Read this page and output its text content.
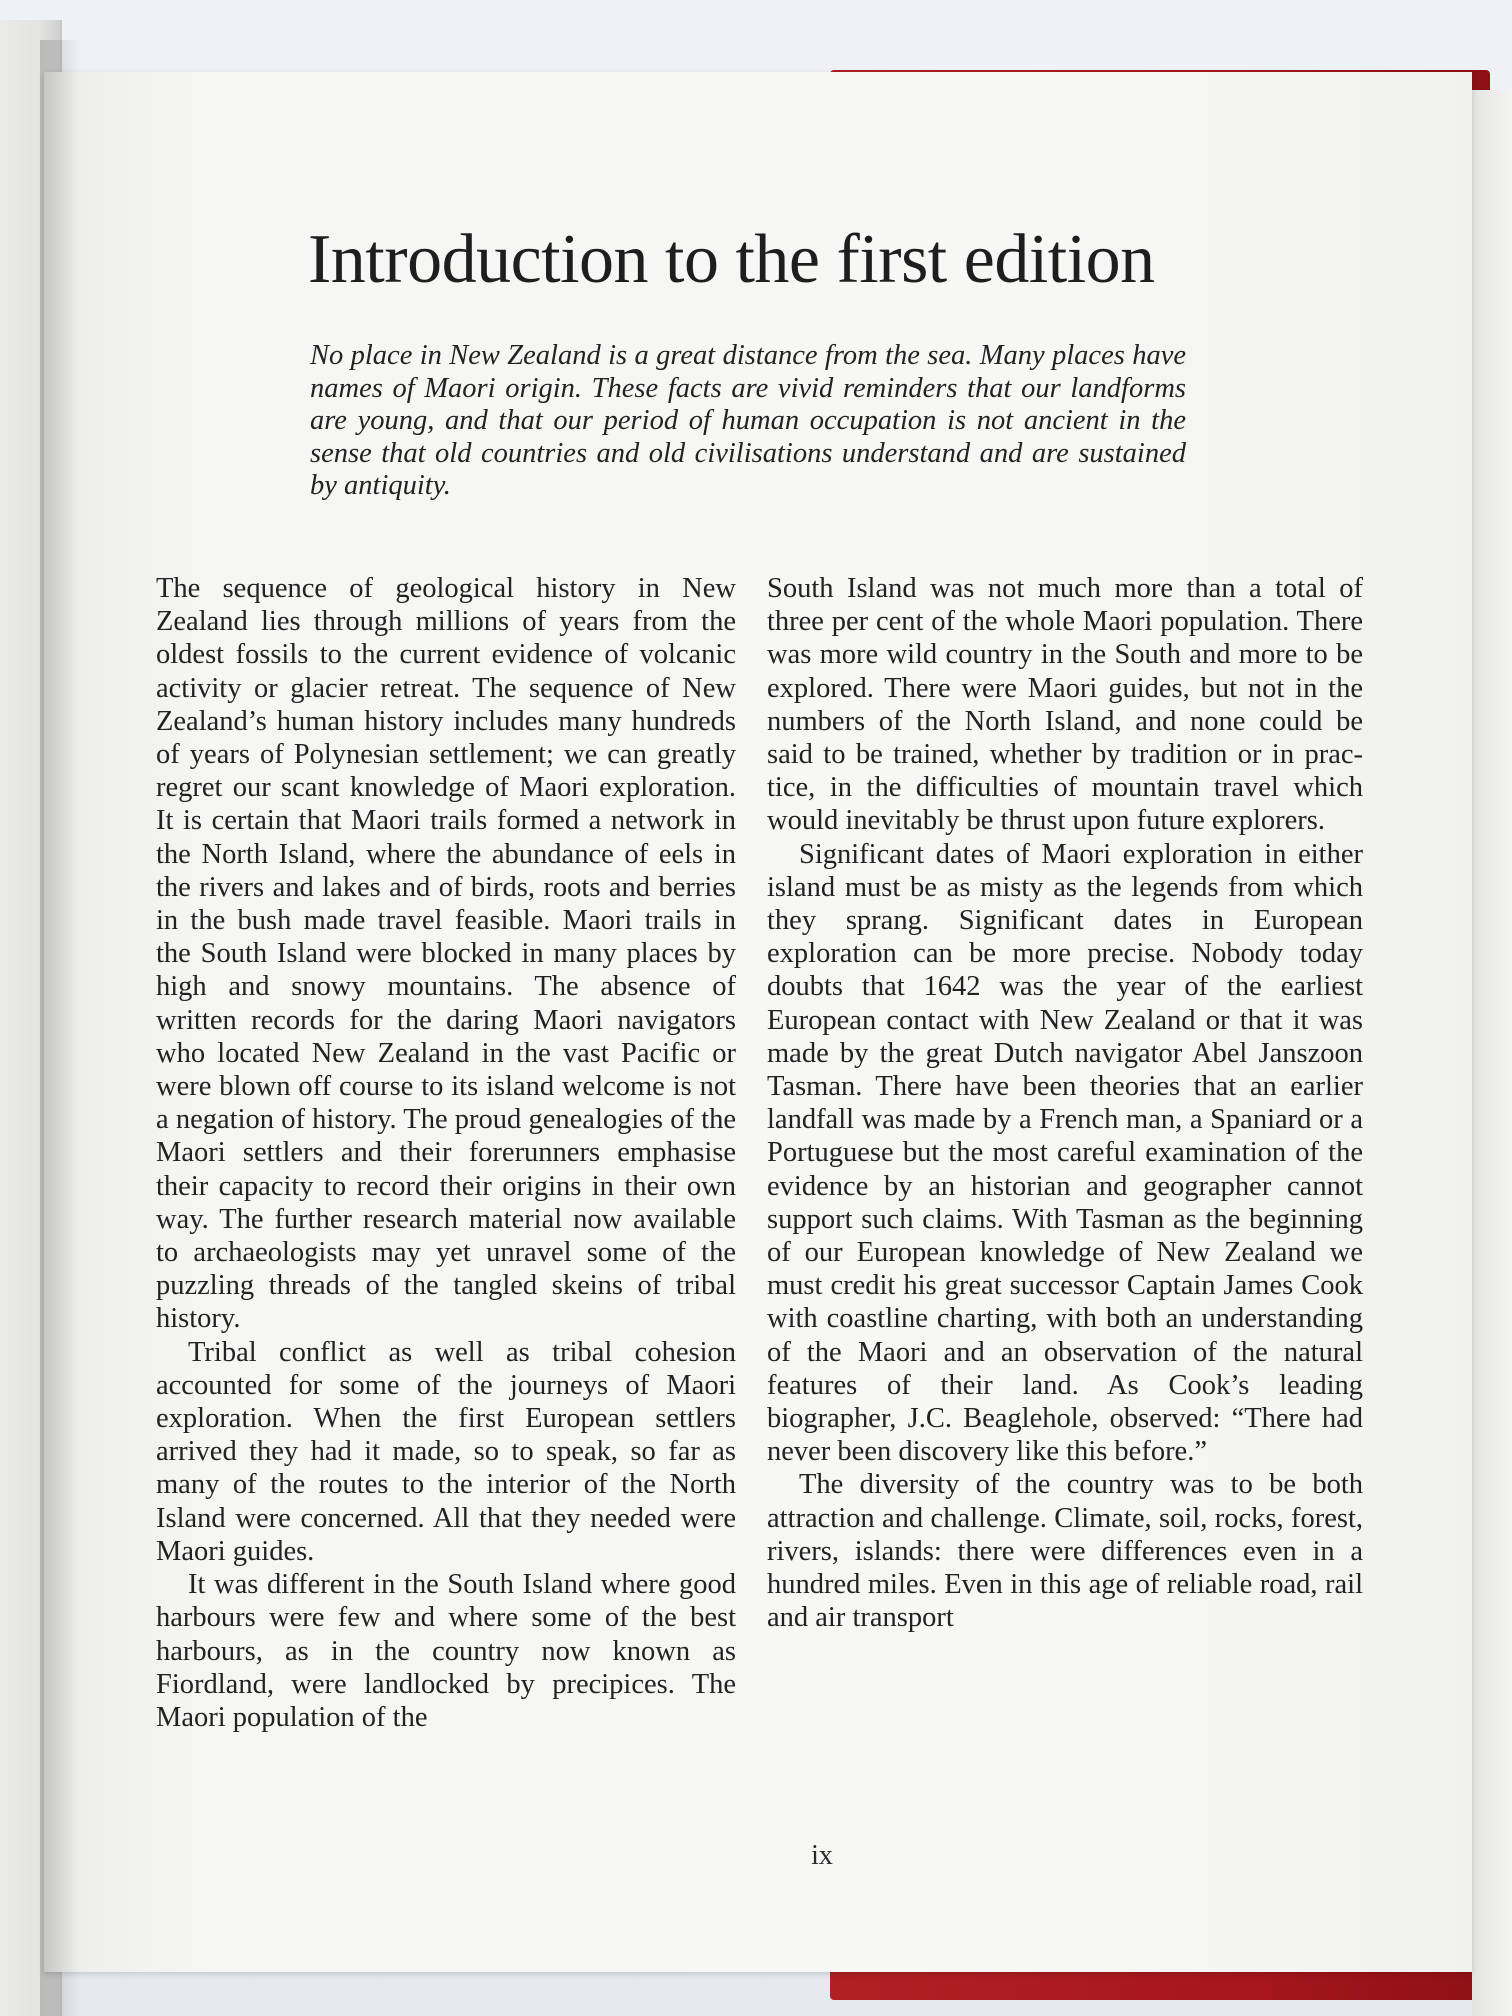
Introduction to the first edition

No place in New Zealand is a great distance from the sea. Many places have names of Maori origin. These facts are vivid reminders that our landforms are young, and that our period of human occupation is not ancient in the sense that old countries and old civilisations understand and are sustained by antiquity.

The sequence of geological history in New Zealand lies through millions of years from the oldest fossils to the current evidence of volcanic activity or glacier retreat. The sequence of New Zealand’s human history includes many hundreds of years of Polynesian settlement; we can greatly regret our scant knowledge of Maori exploration. It is certain that Maori trails formed a network in the North Island, where the abundance of eels in the rivers and lakes and of birds, roots and berries in the bush made travel feasible. Maori trails in the South Island were blocked in many places by high and snowy mountains. The absence of written records for the daring Maori navigators who located New Zealand in the vast Pacific or were blown off course to its island welcome is not a negation of history. The proud genealogies of the Maori settlers and their forerunners emphasise their capacity to record their origins in their own way. The further research material now available to archaeologists may yet unravel some of the puzzling threads of the tangled skeins of tribal history.

Tribal conflict as well as tribal cohesion accounted for some of the journeys of Maori exploration. When the first European settlers arrived they had it made, so to speak, so far as many of the routes to the interior of the North Island were concerned. All that they needed were Maori guides.

It was different in the South Island where good harbours were few and where some of the best harbours, as in the country now known as Fiordland, were landlocked by precipices. The Maori population of the

South Island was not much more than a total of three per cent of the whole Maori population. There was more wild country in the South and more to be explored. There were Maori guides, but not in the numbers of the North Island, and none could be said to be trained, whether by tradition or in practice, in the difficulties of mountain travel which would inevitably be thrust upon future explorers.

Significant dates of Maori exploration in either island must be as misty as the legends from which they sprang. Significant dates in European exploration can be more precise. Nobody today doubts that 1642 was the year of the earliest European contact with New Zealand or that it was made by the great Dutch navigator Abel Janszoon Tasman. There have been theories that an earlier landfall was made by a French man, a Spaniard or a Portuguese but the most careful examination of the evidence by an historian and geographer cannot support such claims. With Tasman as the beginning of our European knowledge of New Zealand we must credit his great successor Captain James Cook with coastline charting, with both an understanding of the Maori and an observation of the natural features of their land. As Cook’s leading biographer, J.C. Beaglehole, observed: “There had never been discovery like this before.”

The diversity of the country was to be both attraction and challenge. Climate, soil, rocks, forest, rivers, islands: there were differences even in a hundred miles. Even in this age of reliable road, rail and air transport

ix
